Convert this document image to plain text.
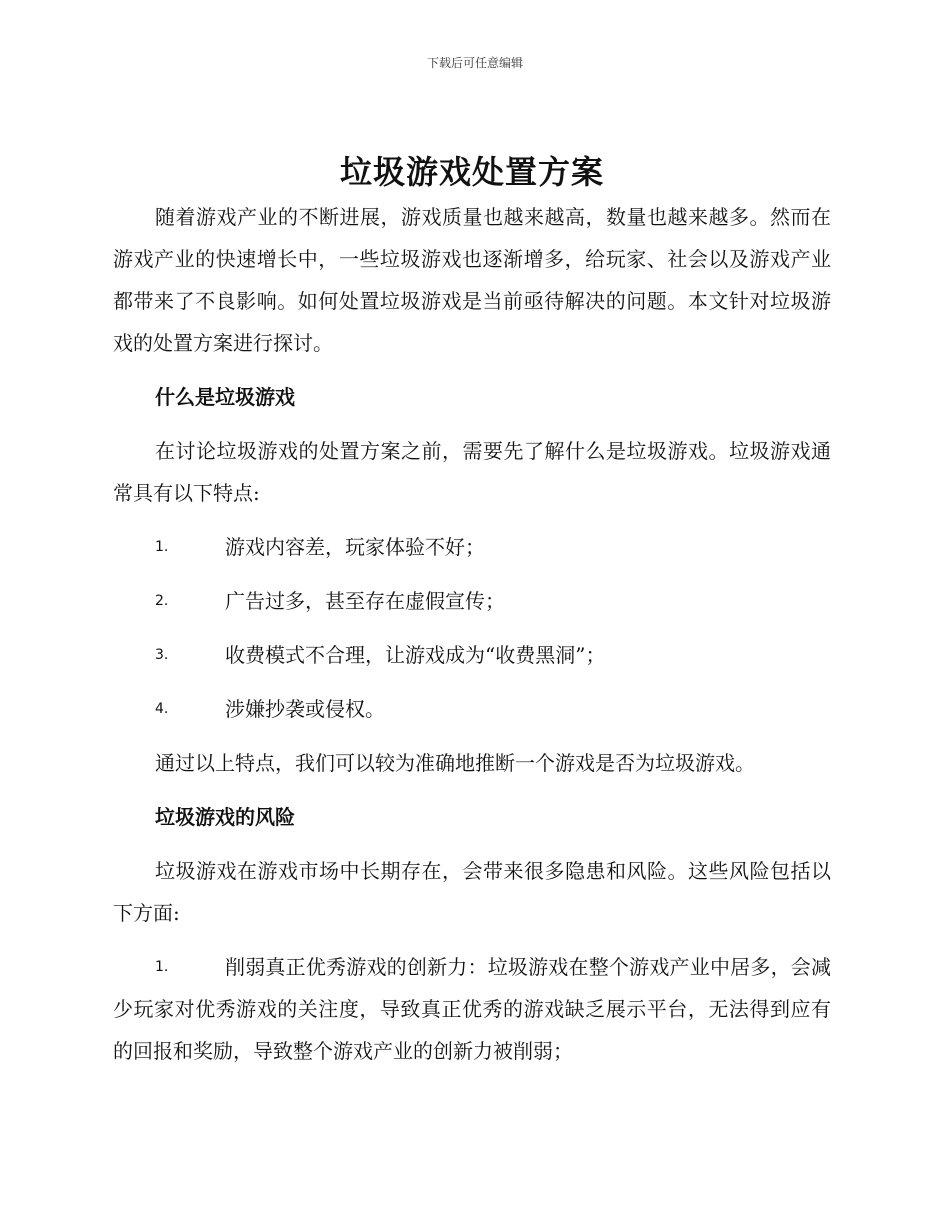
下载后可任意编辑
垃圾游戏处置方案

随着游戏产业的不断进展，游戏质量也越来越高，数量也越来越多。然而在游戏产业的快速增长中，一些垃圾游戏也逐渐增多，给玩家、社会以及游戏产业都带来了不良影响。如何处置垃圾游戏是当前亟待解决的问题。本文针对垃圾游戏的处置方案进行探讨。

什么是垃圾游戏

在讨论垃圾游戏的处置方案之前，需要先了解什么是垃圾游戏。垃圾游戏通常具有以下特点:

1.	游戏内容差，玩家体验不好；
2.	广告过多，甚至存在虚假宣传；
3.	收费模式不合理，让游戏成为“收费黑洞”；
4.	涉嫌抄袭或侵权。

通过以上特点，我们可以较为准确地推断一个游戏是否为垃圾游戏。

垃圾游戏的风险

垃圾游戏在游戏市场中长期存在，会带来很多隐患和风险。这些风险包括以下方面:

1.	削弱真正优秀游戏的创新力：垃圾游戏在整个游戏产业中居多，会减少玩家对优秀游戏的关注度，导致真正优秀的游戏缺乏展示平台，无法得到应有的回报和奖励，导致整个游戏产业的创新力被削弱；
